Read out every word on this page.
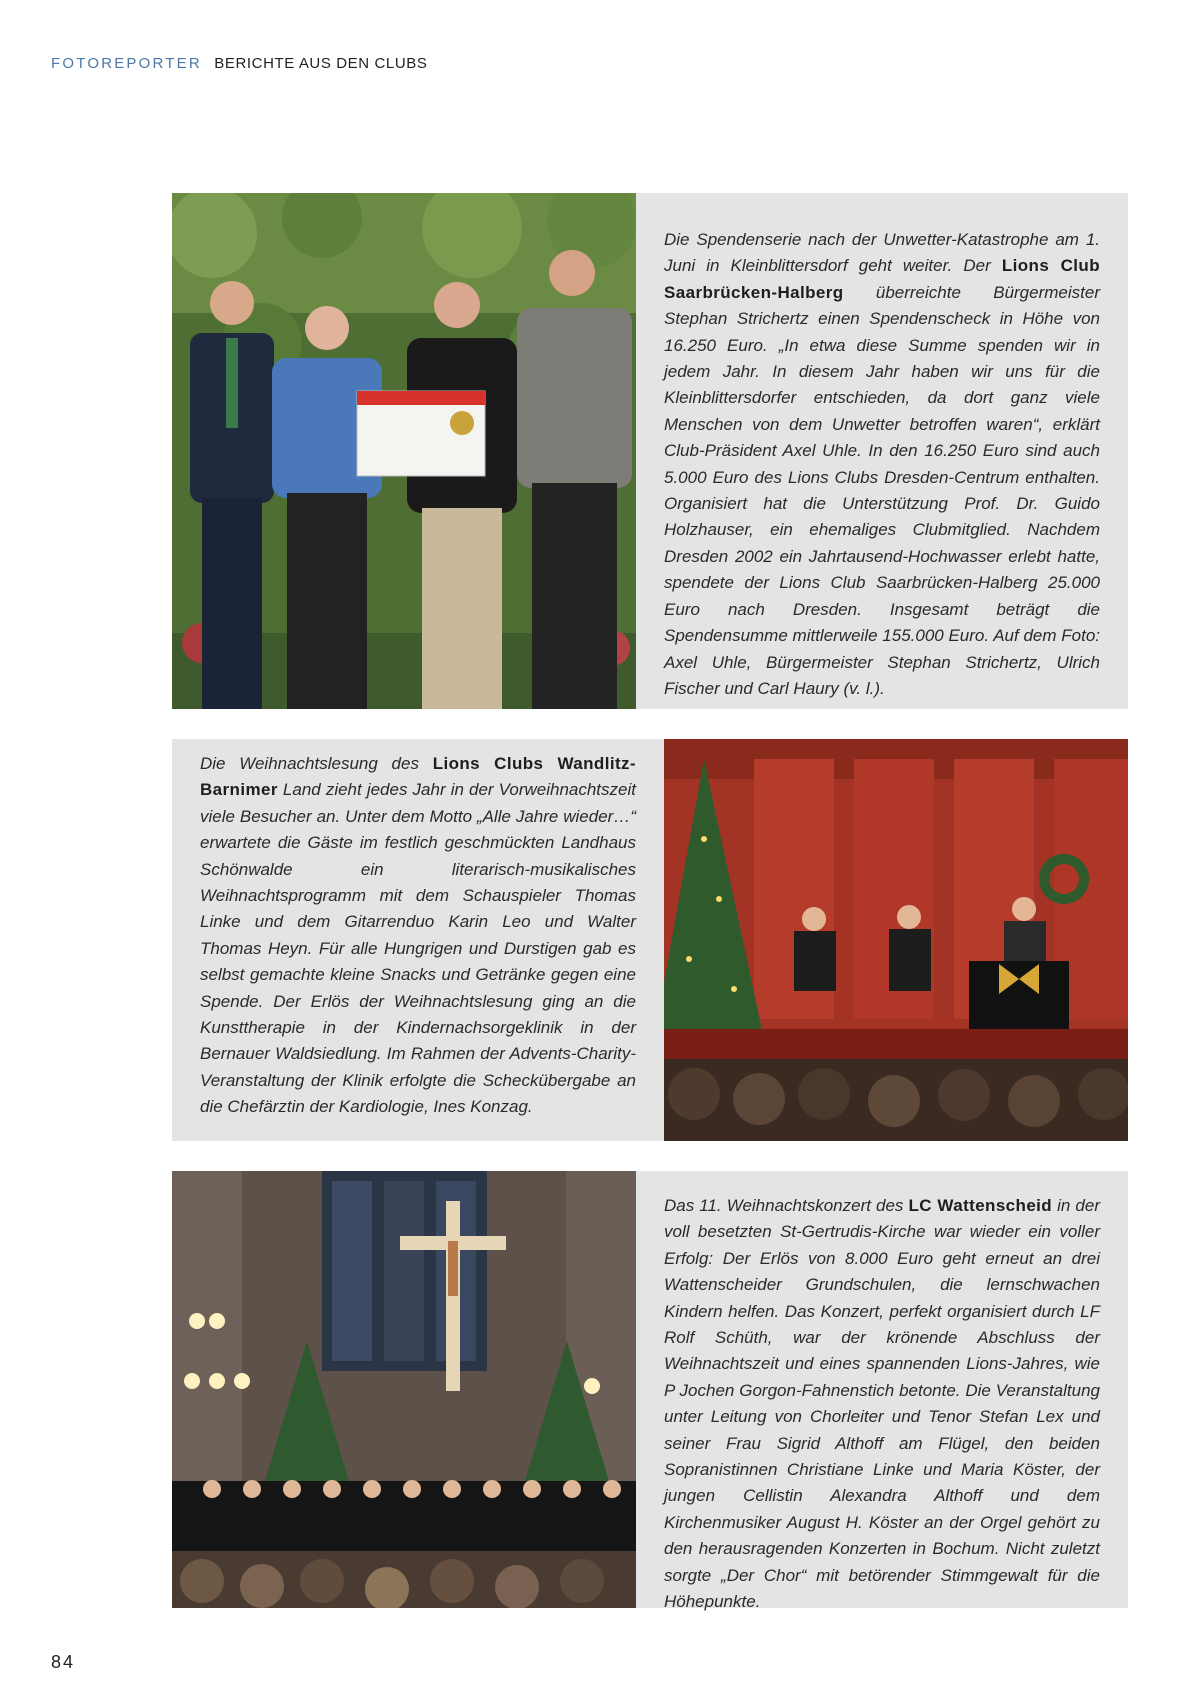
FOTOREPORTER BERICHTE AUS DEN CLUBS
Die Spendenserie nach der Unwetter-Katastrophe am 1. Juni in Kleinblittersdorf geht weiter. Der Lions Club Saarbrücken-Halberg überreichte Bürgermeister Stephan Strichertz einen Spendenscheck in Höhe von 16.250 Euro. „In etwa diese Summe spenden wir in jedem Jahr. In diesem Jahr haben wir uns für die Kleinblittersdorfer entschieden, da dort ganz viele Menschen von dem Unwetter betroffen waren“, erklärt Club-Präsident Axel Uhle. In den 16.250 Euro sind auch 5.000 Euro des Lions Clubs Dresden-Centrum enthalten. Organisiert hat die Unterstützung Prof. Dr. Guido Holzhauser, ein ehemaliges Clubmitglied. Nachdem Dresden 2002 ein Jahrtausend-Hochwasser erlebt hatte, spendete der Lions Club Saarbrücken-Halberg 25.000 Euro nach Dresden. Insgesamt beträgt die Spendensumme mittlerweile 155.000 Euro. Auf dem Foto: Axel Uhle, Bürgermeister Stephan Strichertz, Ulrich Fischer und Carl Haury (v. l.).
Die Weihnachtslesung des Lions Clubs Wandlitz-Barnimer Land zieht jedes Jahr in der Vorweihnachtszeit viele Besucher an. Unter dem Motto „Alle Jahre wieder…“ erwartete die Gäste im festlich geschmückten Landhaus Schönwalde ein literarisch-musikalisches Weihnachtsprogramm mit dem Schauspieler Thomas Linke und dem Gitarrenduo Karin Leo und Walter Thomas Heyn. Für alle Hungrigen und Durstigen gab es selbst gemachte kleine Snacks und Getränke gegen eine Spende. Der Erlös der Weihnachtslesung ging an die Kunsttherapie in der Kindernachsorgeklinik in der Bernauer Waldsiedlung. Im Rahmen der Advents-Charity-Veranstaltung der Klinik erfolgte die Scheckübergabe an die Chefärztin der Kardiologie, Ines Konzag.
Das 11. Weihnachtskonzert des LC Wattenscheid in der voll besetzten St-Gertrudis-Kirche war wieder ein voller Erfolg: Der Erlös von 8.000 Euro geht erneut an drei Wattenscheider Grundschulen, die lernschwachen Kindern helfen. Das Konzert, perfekt organisiert durch LF Rolf Schüth, war der krönende Abschluss der Weihnachtszeit und eines spannenden Lions-Jahres, wie P Jochen Gorgon-Fahnenstich betonte. Die Veranstaltung unter Leitung von Chorleiter und Tenor Stefan Lex und seiner Frau Sigrid Althoff am Flügel, den beiden Sopranistinnen Christiane Linke und Maria Köster, der jungen Cellistin Alexandra Althoff und dem Kirchenmusiker August H. Köster an der Orgel gehört zu den herausragenden Konzerten in Bochum. Nicht zuletzt sorgte „Der Chor“ mit betörender Stimmgewalt für die Höhepunkte.
84
